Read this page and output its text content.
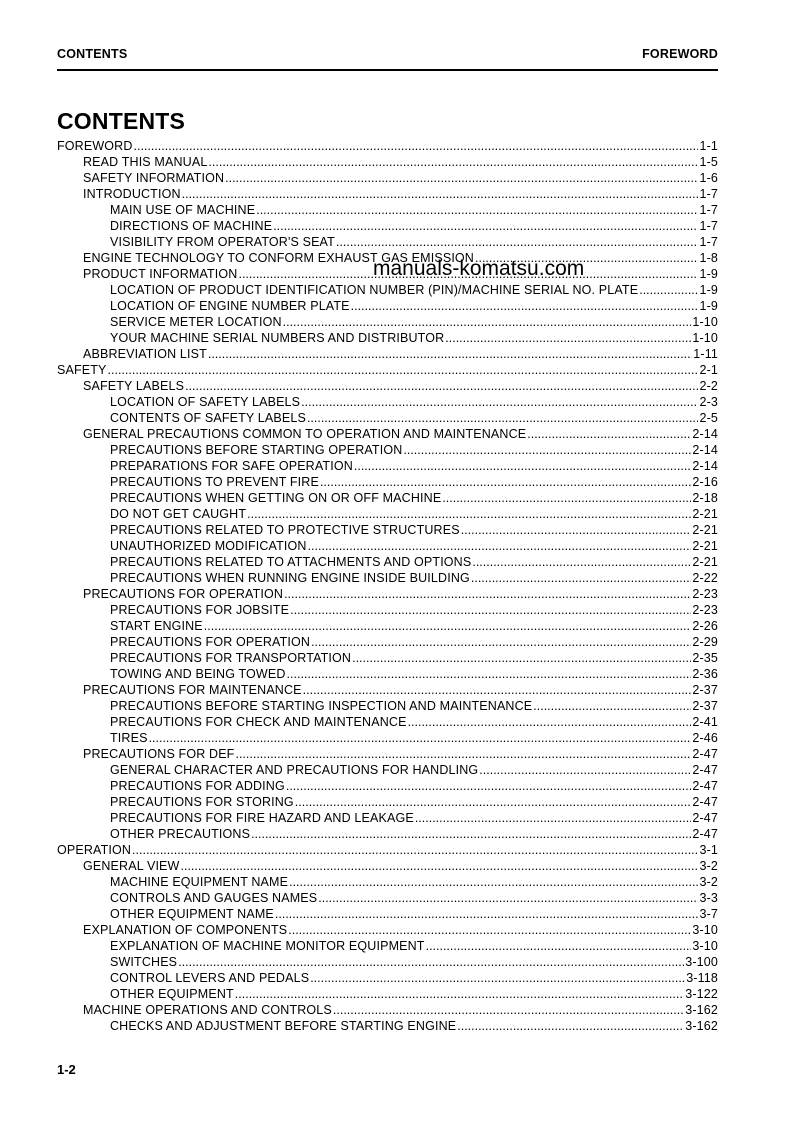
CONTENTS	FOREWORD
CONTENTS
FOREWORD .....	1-1
READ THIS MANUAL .....	1-5
SAFETY INFORMATION .....	1-6
INTRODUCTION .....	1-7
MAIN USE OF MACHINE .....	1-7
DIRECTIONS OF MACHINE .....	1-7
VISIBILITY FROM OPERATOR'S SEAT .....	1-7
ENGINE TECHNOLOGY TO CONFORM EXHAUST GAS EMISSION .....	1-8
PRODUCT INFORMATION .....	1-9
LOCATION OF PRODUCT IDENTIFICATION NUMBER (PIN)/MACHINE SERIAL NO. PLATE .....	1-9
LOCATION OF ENGINE NUMBER PLATE .....	1-9
SERVICE METER LOCATION .....	1-10
YOUR MACHINE SERIAL NUMBERS AND DISTRIBUTOR .....	1-10
ABBREVIATION LIST .....	1-11
SAFETY .....	2-1
SAFETY LABELS .....	2-2
LOCATION OF SAFETY LABELS .....	2-3
CONTENTS OF SAFETY LABELS .....	2-5
GENERAL PRECAUTIONS COMMON TO OPERATION AND MAINTENANCE .....	2-14
PRECAUTIONS BEFORE STARTING OPERATION .....	2-14
PREPARATIONS FOR SAFE OPERATION .....	2-14
PRECAUTIONS TO PREVENT FIRE .....	2-16
PRECAUTIONS WHEN GETTING ON OR OFF MACHINE .....	2-18
DO NOT GET CAUGHT .....	2-21
PRECAUTIONS RELATED TO PROTECTIVE STRUCTURES .....	2-21
UNAUTHORIZED MODIFICATION .....	2-21
PRECAUTIONS RELATED TO ATTACHMENTS AND OPTIONS .....	2-21
PRECAUTIONS WHEN RUNNING ENGINE INSIDE BUILDING .....	2-22
PRECAUTIONS FOR OPERATION .....	2-23
PRECAUTIONS FOR JOBSITE .....	2-23
START ENGINE .....	2-26
PRECAUTIONS FOR OPERATION .....	2-29
PRECAUTIONS FOR TRANSPORTATION .....	2-35
TOWING AND BEING TOWED .....	2-36
PRECAUTIONS FOR MAINTENANCE .....	2-37
PRECAUTIONS BEFORE STARTING INSPECTION AND MAINTENANCE .....	2-37
PRECAUTIONS FOR CHECK AND MAINTENANCE .....	2-41
TIRES .....	2-46
PRECAUTIONS FOR DEF .....	2-47
GENERAL CHARACTER AND PRECAUTIONS FOR HANDLING .....	2-47
PRECAUTIONS FOR ADDING .....	2-47
PRECAUTIONS FOR STORING .....	2-47
PRECAUTIONS FOR FIRE HAZARD AND LEAKAGE .....	2-47
OTHER PRECAUTIONS .....	2-47
OPERATION .....	3-1
GENERAL VIEW .....	3-2
MACHINE EQUIPMENT NAME .....	3-2
CONTROLS AND GAUGES NAMES .....	3-3
OTHER EQUIPMENT NAME .....	3-7
EXPLANATION OF COMPONENTS .....	3-10
EXPLANATION OF MACHINE MONITOR EQUIPMENT .....	3-10
SWITCHES .....	3-100
CONTROL LEVERS AND PEDALS .....	3-118
OTHER EQUIPMENT .....	3-122
MACHINE OPERATIONS AND CONTROLS .....	3-162
CHECKS AND ADJUSTMENT BEFORE STARTING ENGINE .....	3-162
manuals-komatsu.com
1-2
